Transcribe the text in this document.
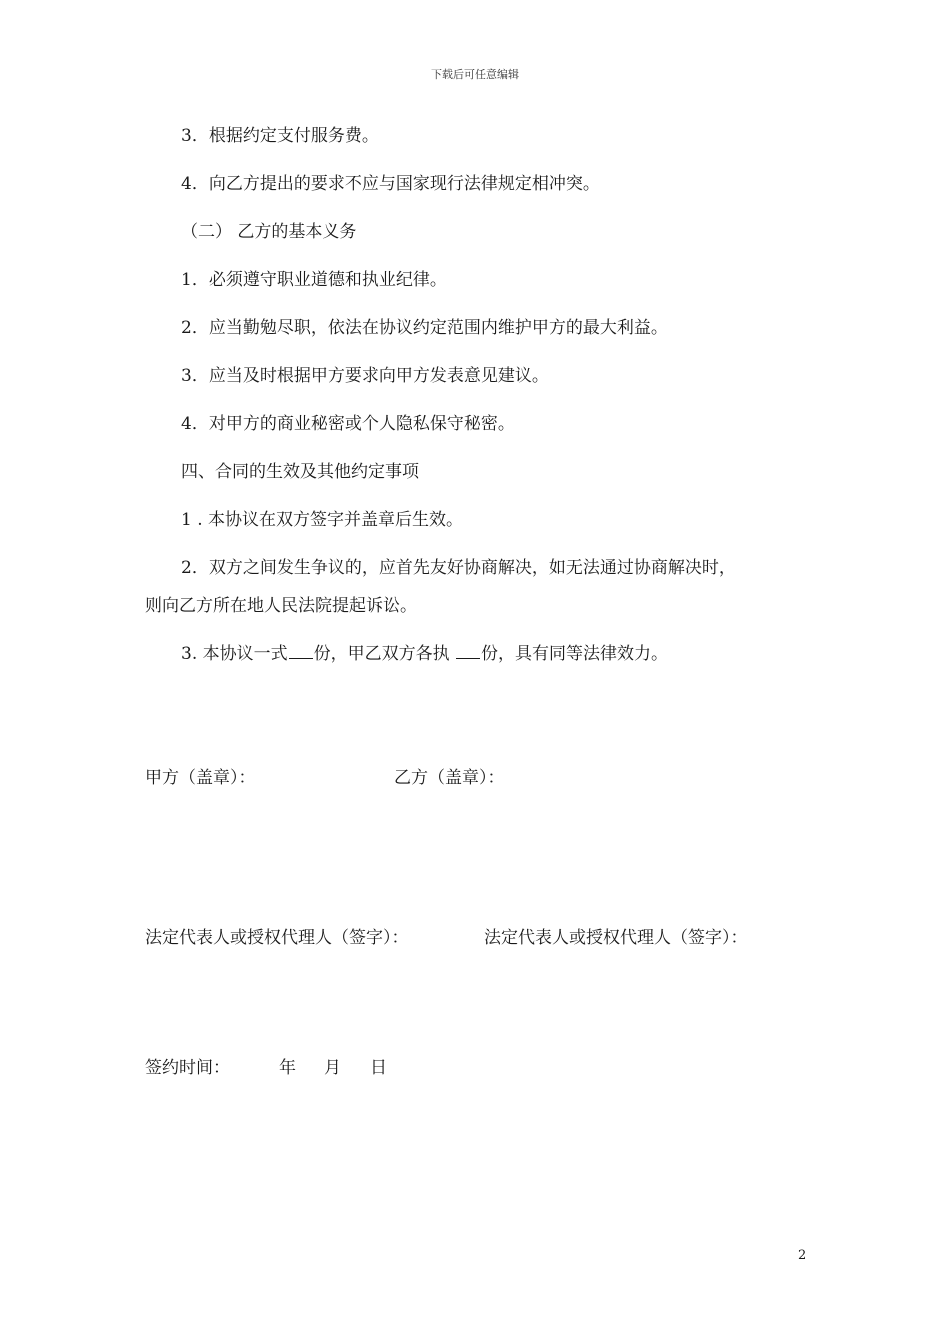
下载后可任意编辑
3．根据约定支付服务费。
4．向乙方提出的要求不应与国家现行法律规定相冲突。
（二） 乙方的基本义务
1．必须遵守职业道德和执业纪律。
2．应当勤勉尽职，依法在协议约定范围内维护甲方的最大利益。
3．应当及时根据甲方要求向甲方发表意见建议。
4．对甲方的商业秘密或个人隐私保守秘密。
四、合同的生效及其他约定事项
1 . 本协议在双方签字并盖章后生效。
2．双方之间发生争议的，应首先友好协商解决，如无法通过协商解决时，
则向乙方所在地人民法院提起诉讼。
3. 本协议一式 份，甲乙双方各执 份，具有同等法律效力。
甲方（盖章）：	乙方（盖章）：
法定代表人或授权代理人（签字）：	法定代表人或授权代理人（签字）：
签约时间：	年 月 日
2
